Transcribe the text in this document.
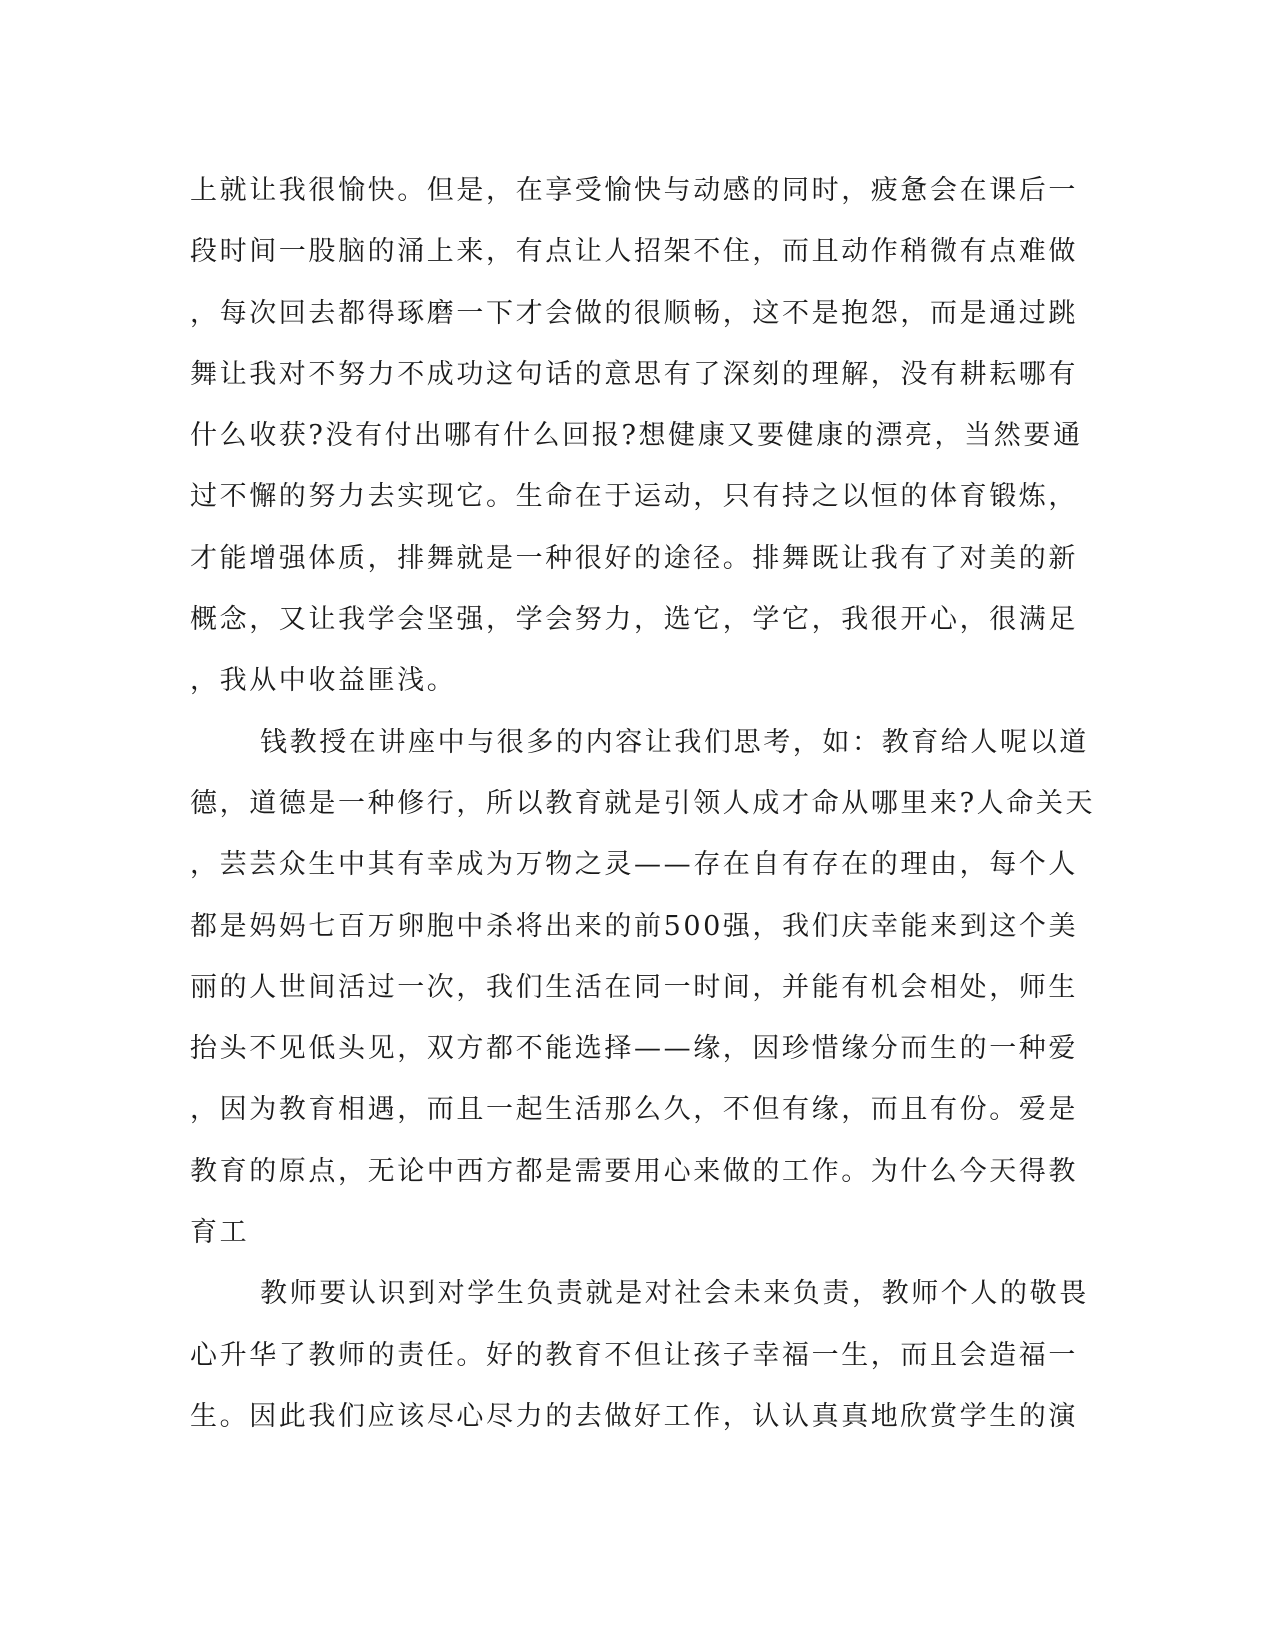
上就让我很愉快。但是，在享受愉快与动感的同时，疲惫会在课后一
段时间一股脑的涌上来，有点让人招架不住，而且动作稍微有点难做
，每次回去都得琢磨一下才会做的很顺畅，这不是抱怨，而是通过跳
舞让我对不努力不成功这句话的意思有了深刻的理解，没有耕耘哪有
什么收获?没有付出哪有什么回报?想健康又要健康的漂亮，当然要通
过不懈的努力去实现它。生命在于运动，只有持之以恒的体育锻炼，
才能增强体质，排舞就是一种很好的途径。排舞既让我有了对美的新
概念，又让我学会坚强，学会努力，选它，学它，我很开心，很满足
，我从中收益匪浅。
钱教授在讲座中与很多的内容让我们思考，如：教育给人呢以道
德，道德是一种修行，所以教育就是引领人成才命从哪里来?人命关天
，芸芸众生中其有幸成为万物之灵——存在自有存在的理由，每个人
都是妈妈七百万卵胞中杀将出来的前500强，我们庆幸能来到这个美
丽的人世间活过一次，我们生活在同一时间，并能有机会相处，师生
抬头不见低头见，双方都不能选择——缘，因珍惜缘分而生的一种爱
，因为教育相遇，而且一起生活那么久，不但有缘，而且有份。爱是
教育的原点，无论中西方都是需要用心来做的工作。为什么今天得教
育工
教师要认识到对学生负责就是对社会未来负责，教师个人的敬畏
心升华了教师的责任。好的教育不但让孩子幸福一生，而且会造福一
生。因此我们应该尽心尽力的去做好工作，认认真真地欣赏学生的演
